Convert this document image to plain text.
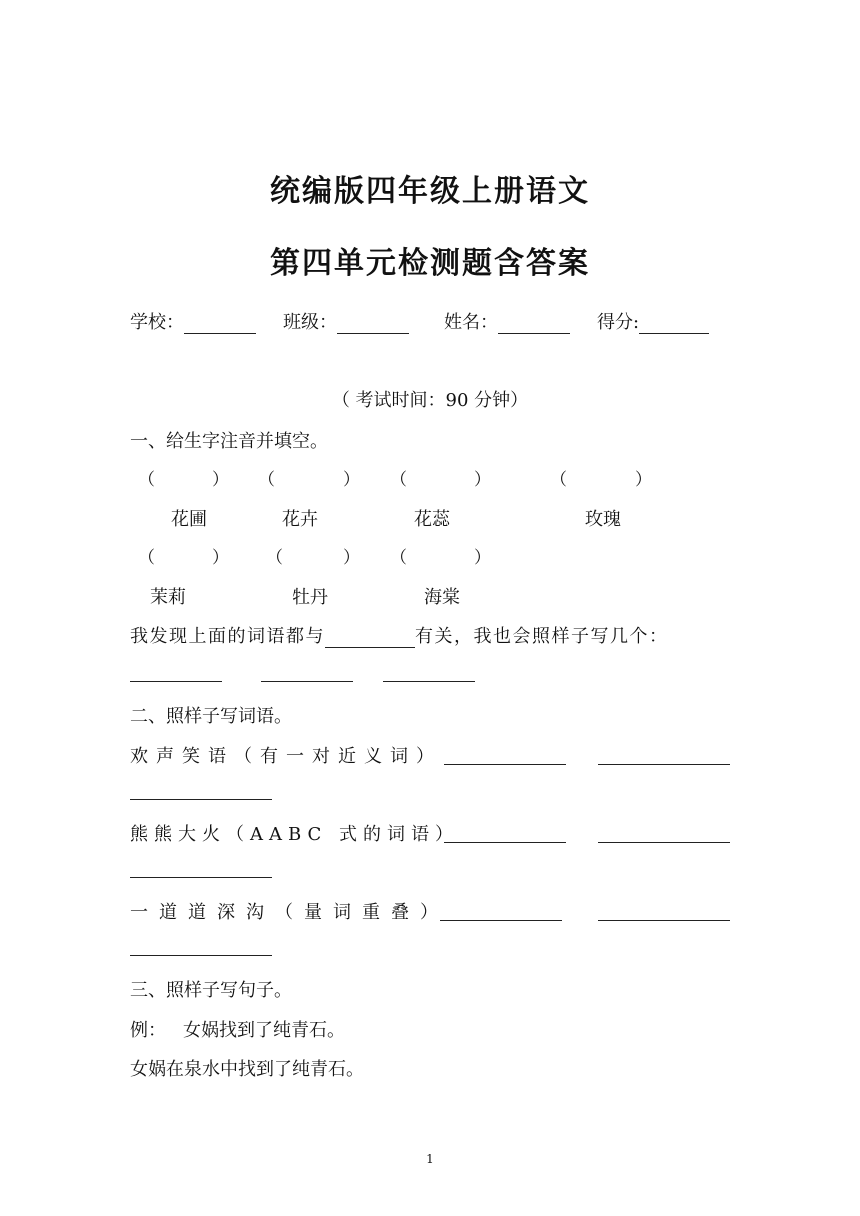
统编版四年级上册语文
第四单元检测题含答案
学校：	班级：	姓名：	得分:
（ 考试时间：90 分钟）
一、给生字注音并填空。
（	） （	） （	）	（	）
花圃	花卉	花蕊	玫瑰
（	） （	） （	）
茉莉	牡丹	海棠
我发现上面的词语都与	有关，我也会照样子写几个：
二、照样子写词语。
欢声笑语（有一对近义词）
熊熊大火（AABC 式的词语）
一道道深沟（量词重叠）
三、照样子写句子。
例： 女娲找到了纯青石。
女娲在泉水中找到了纯青石。
1
